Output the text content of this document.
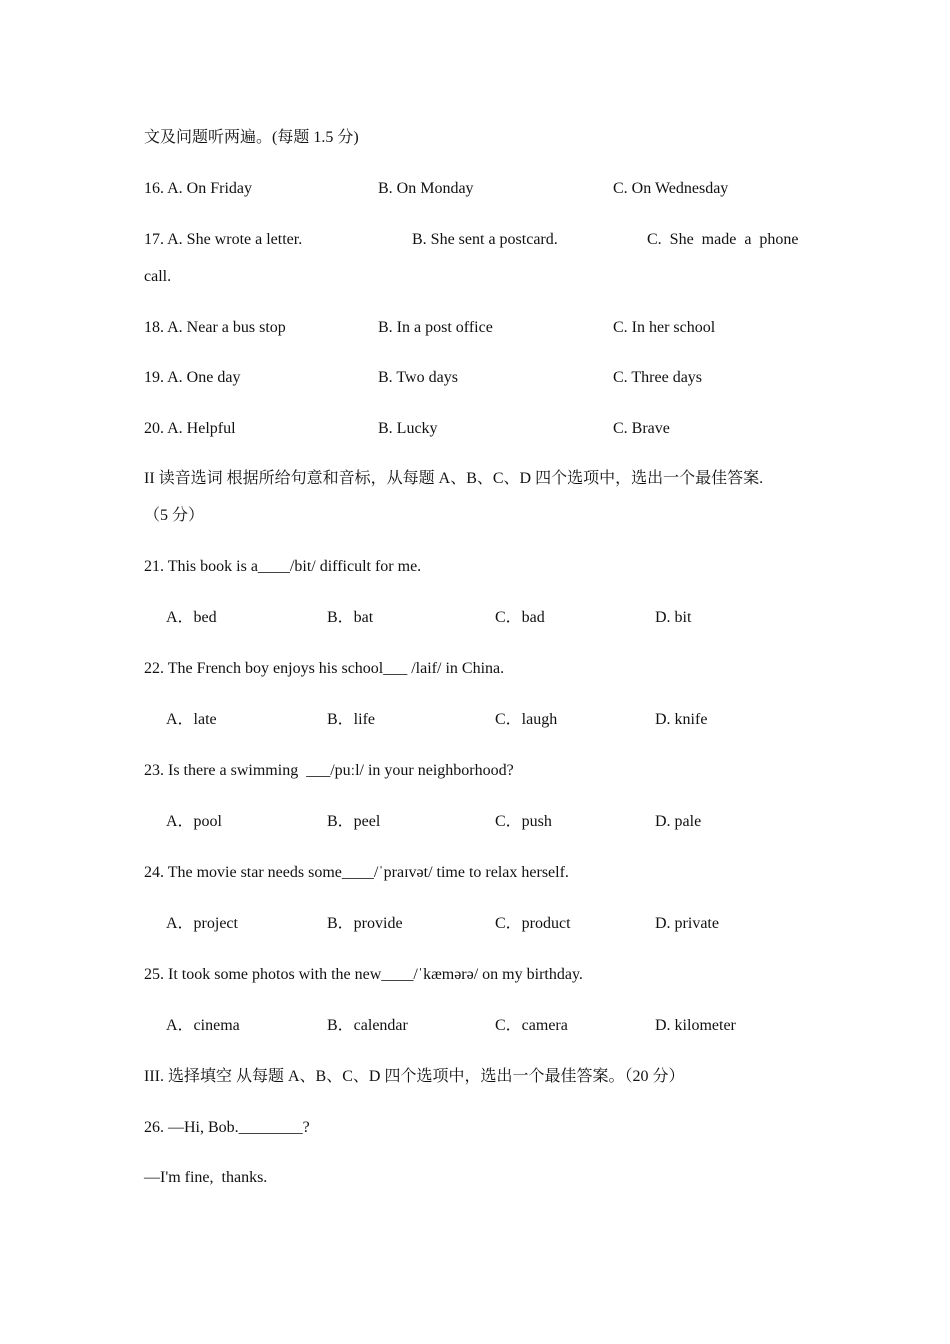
文及问题听两遍。(每题 1.5 分)
16. A. On Friday	B. On Monday	C. On Wednesday
17. A. She wrote a letter.	B. She sent a postcard.	C.  She  made  a  phone
call.
18. A. Near a bus stop	B. In a post office	C. In her school
19. A. One day	B. Two days	C. Three days
20. A. Helpful	B. Lucky	C. Brave
II 读音选词 根据所给句意和音标，从每题 A、B、C、D 四个选项中，选出一个最佳答案.
（5 分）
21. This book is a____/bit/ difficult for me.
A．bed	B．bat	C．bad	D. bit
22. The French boy enjoys his school___ /laif/ in China.
A．late	B．life	C．laugh	D. knife
23. Is there a swimming  ___/puːl/ in your neighborhood?
A．pool	B．peel	C．push	D. pale
24. The movie star needs some____/ˈpraɪvət/ time to relax herself.
A．project	B．provide	C．product	D. private
25. It took some photos with the new____/ˈkæmərə/ on my birthday.
A．cinema	B．calendar	C．camera	D. kilometer
III. 选择填空 从每题 A、B、C、D 四个选项中，选出一个最佳答案。（20 分）
26. —Hi, Bob.________?
—I'm fine,  thanks.
